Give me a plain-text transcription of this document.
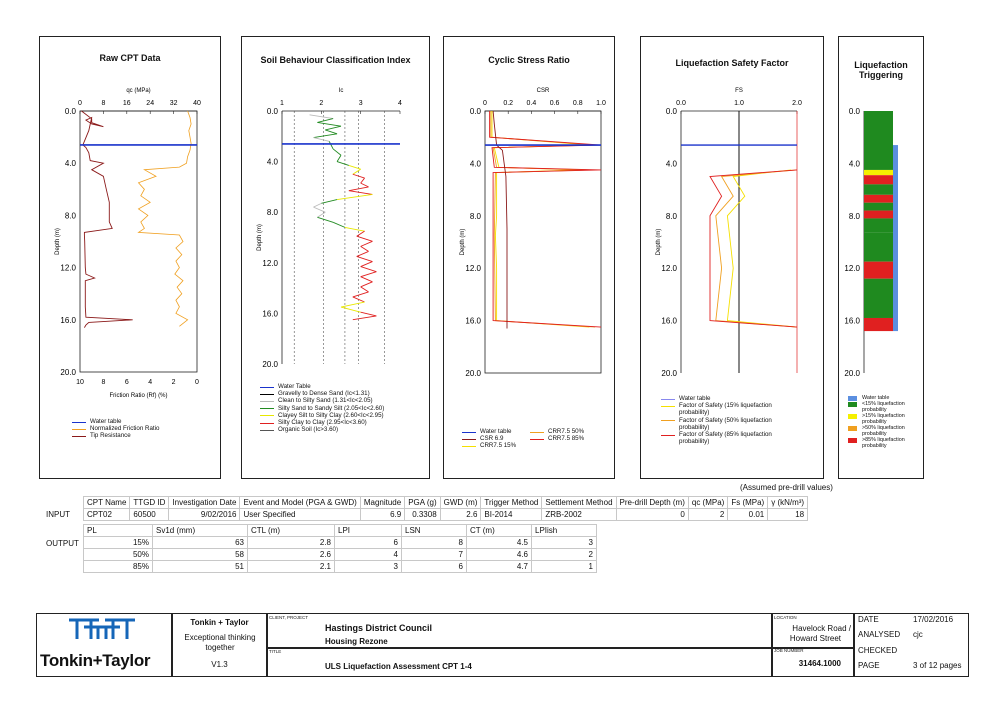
Raw CPT Data
0.0
4.0
8.0
12.0
16.0
20.0
Depth (m)
0	8	16 24 32 40
qc (MPa)
10	8	6	4	2	0
Friction Ratio (Rf) (%)
Water table
Normalized Friction Ratio
Tip Resistance
Soil Behaviour Classification Index
0.0
4.0
8.0
12.0
16.0
20.0
Depth (m)
1	2	3	4
Ic
Water Table
Gravelly to Dense Sand (Ic<1.31)
Clean to Silty Sand (1.31<Ic<2.05)
Silty Sand to Sandy Silt (2.05<Ic<2.60)
Clayey Silt to Silty Clay (2.60<Ic<2.95)
Silty Clay to Clay (2.95<Ic<3.60)
Organic Soil (Ic>3.60)
Cyclic Stress Ratio
0.0
4.0
8.0
12.0
16.0
20.0
Depth (m)
0 0.2 0.4 0.6 0.8 1.0
CSR
Water table
CSR 6.9
CRR7.5 15%
CRR7.5 50%
CRR7.5 85%
Liquefaction Safety Factor
0.0
4.0
8.0
12.0
16.0
20.0
Depth (m)
0.0	1.0	2.0
FS
Water table
Factor of Safety (15% liquefaction probability)
Factor of Safety (50% liquefaction probability)
Factor of Safety (85% liquefaction probability)
Liquefaction Triggering
0.0
4.0
8.0
12.0
16.0
20.0
Water table
<15% liquefaction probability
>15% liquefaction probability
>50% liquefaction probability
>85% liquefaction probability
(Assumed pre-drill values)
INPUT
CPT Name	TTGD ID	Investigation Date	Event and Model (PGA & GWD)	Magnitude	PGA (g)	GWD (m)	Trigger Method	Settlement Method	Pre-drill Depth (m)	qc (MPa)	Fs (MPa)	γ (kN/m³)
CPT02	60500	9/02/2016	User Specified	6.9	0.3308	2.6	BI-2014	ZRB-2002	0	2	0.01	18
OUTPUT
PL	Sv1d (mm)	CTL (m)	LPI	LSN	CT (m)	LPIish
15%	63	2.8	6	8	4.5	3
50%	58	2.6	4	7	4.6	2
85%	51	2.1	3	6	4.7	1
Tonkin+Taylor
Tonkin + Taylor
Exceptional thinking together
V1.3
CLIENT, PROJECT
Hastings District Council
Housing Rezone
TITLE
ULS Liquefaction Assessment CPT 1-4
LOCATION
Havelock Road /
Howard Street
JOB NUMBER
31464.1000
DATE	17/02/2016
ANALYSED cjc
CHECKED
PAGE	3 of 12 pages
